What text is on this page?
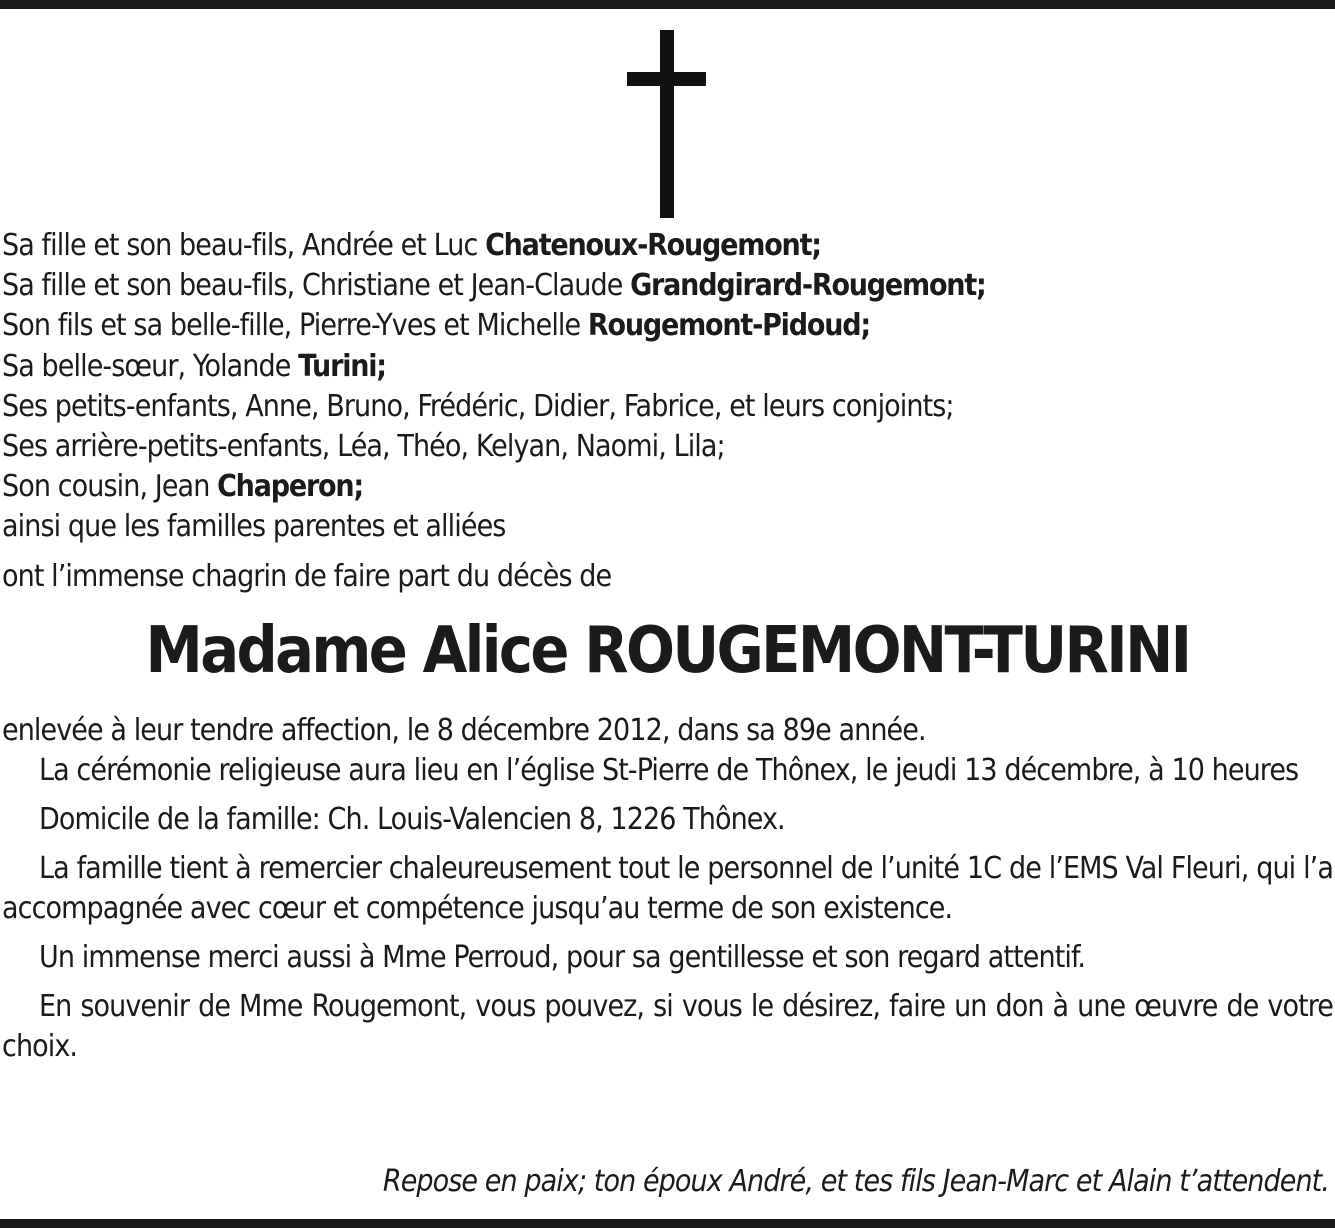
Sa fille et son beau-fils, Andrée et Luc Chatenoux-Rougemont;
Sa fille et son beau-fils, Christiane et Jean-Claude Grandgirard-Rougemont;
Son fils et sa belle-fille, Pierre-Yves et Michelle Rougemont-Pidoud;
Sa belle-sœur, Yolande Turini;
Ses petits-enfants, Anne, Bruno, Frédéric, Didier, Fabrice, et leurs conjoints;
Ses arrière-petits-enfants, Léa, Théo, Kelyan, Naomi, Lila;
Son cousin, Jean Chaperon;
ainsi que les familles parentes et alliées
ont l’immense chagrin de faire part du décès de
Madame Alice ROUGEMONT-TURINI

enlevée à leur tendre affection, le 8 décembre 2012, dans sa 89e année.

La cérémonie religieuse aura lieu en l’église St-Pierre de Thônex, le jeudi 13 décembre, à 10 heures

Domicile de la famille: Ch. Louis-Valencien 8, 1226 Thônex.

La famille tient à remercier chaleureusement tout le personnel de l’unité 1C de l’EMS Val Fleuri, qui l’a accompagnée avec cœur et compétence jusqu’au terme de son existence.

Un immense merci aussi à Mme Perroud, pour sa gentillesse et son regard attentif.

En souvenir de Mme Rougemont, vous pouvez, si vous le désirez, faire un don à une œuvre de votre choix.

Repose en paix; ton époux André, et tes fils Jean-Marc et Alain t’attendent.
